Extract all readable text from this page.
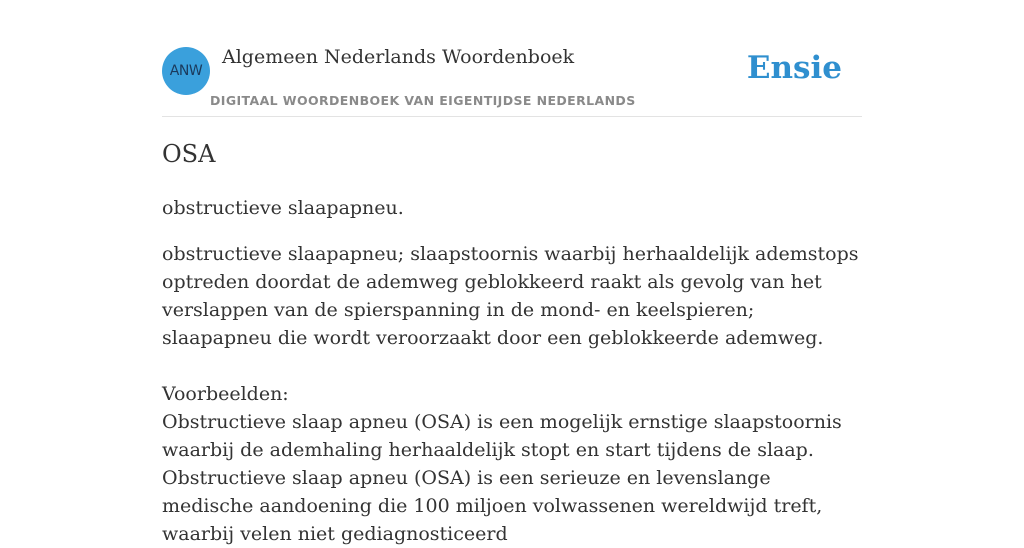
ANW
Algemeen Nederlands Woordenboek
DIGITAAL WOORDENBOEK VAN EIGENTIJDSE NEDERLANDS
Ensie
OSA
obstructieve slaapapneu.

obstructieve slaapapneu; slaapstoornis waarbij herhaaldelijk ademstops optreden doordat de ademweg geblokkeerd raakt als gevolg van het verslappen van de spierspanning in de mond- en keelspieren; slaapapneu die wordt veroorzaakt door een geblokkeerde ademweg.

Voorbeelden:

Obstructieve slaap apneu (OSA) is een mogelijk ernstige slaapstoornis waarbij de ademhaling herhaaldelijk stopt en start tijdens de slaap. Obstructieve slaap apneu (OSA) is een serieuze en levenslange medische aandoening die 100 miljoen volwassenen wereldwijd treft, waarbij velen niet gediagnosticeerd
